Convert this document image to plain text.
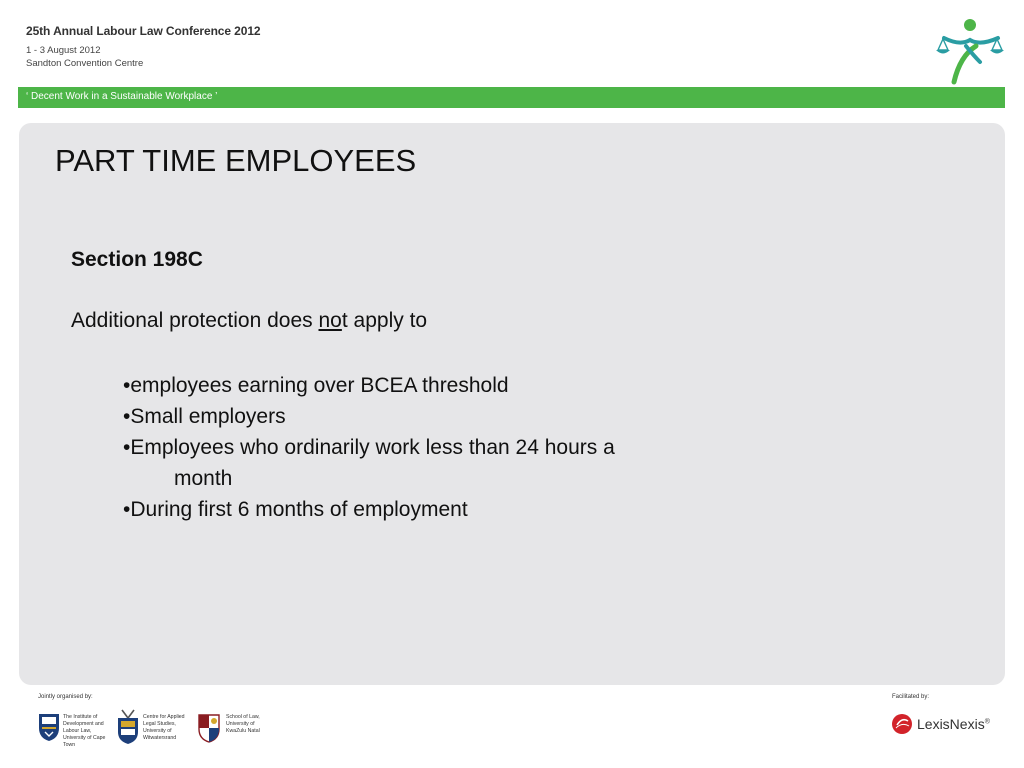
25th Annual Labour Law Conference 2012
1 - 3 August 2012
Sandton Convention Centre
‘ Decent Work in a Sustainable Workplace ’
PART TIME EMPLOYEES
Section 198C
Additional protection does not apply to
•employees earning over BCEA threshold
•Small employers
•Employees who ordinarily work less than 24 hours a
month
•During first 6 months of employment
Jointly organised by:
The Institute of Development and Labour Law, University of Cape Town
Centre for Applied Legal Studies, University of Witwatersrand
School of Law, University of KwaZulu Natal
Facilitated by:
LexisNexis®
